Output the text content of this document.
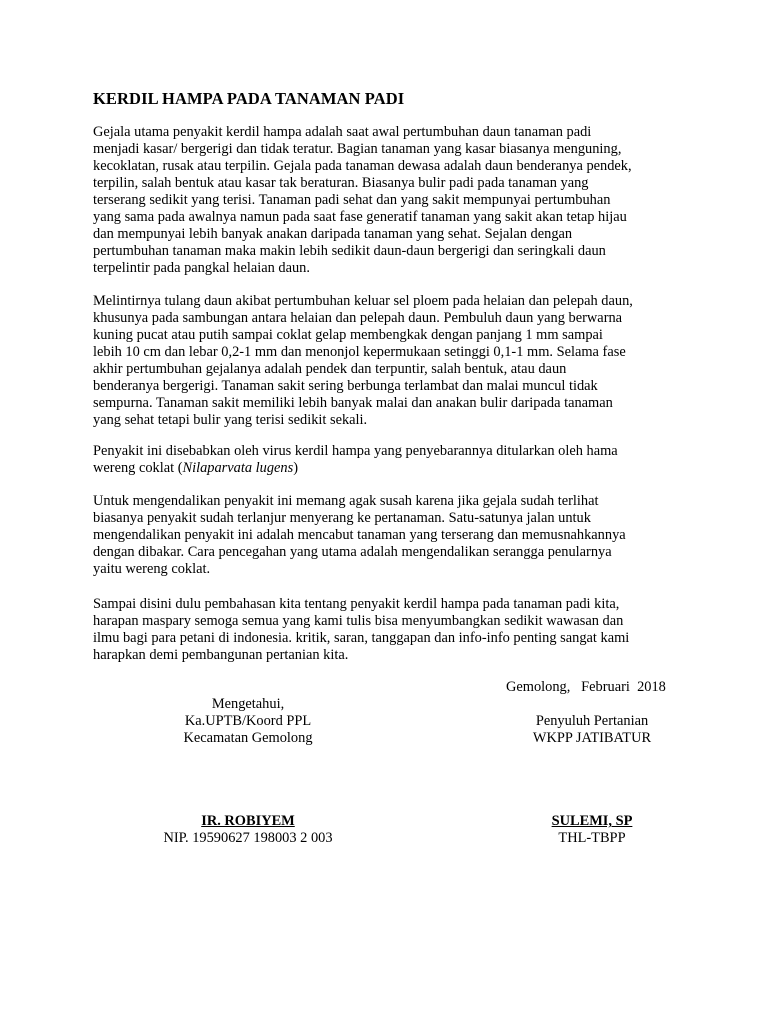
KERDIL HAMPA PADA TANAMAN PADI
Gejala utama penyakit kerdil hampa adalah saat awal pertumbuhan daun tanaman padi
menjadi kasar/ bergerigi dan tidak teratur. Bagian tanaman yang kasar biasanya menguning,
kecoklatan, rusak atau terpilin. Gejala pada tanaman dewasa adalah daun benderanya pendek,
terpilin, salah bentuk atau kasar tak beraturan. Biasanya bulir padi pada tanaman yang
terserang sedikit yang terisi. Tanaman padi sehat dan yang sakit mempunyai pertumbuhan
yang sama pada awalnya namun pada saat fase generatif tanaman yang sakit akan tetap hijau
dan mempunyai lebih banyak anakan daripada tanaman yang sehat. Sejalan dengan
pertumbuhan tanaman maka makin lebih sedikit daun-daun bergerigi dan seringkali daun
terpelintir pada pangkal helaian daun.
Melintirnya tulang daun akibat pertumbuhan keluar sel ploem pada helaian dan pelepah daun,
khusunya pada sambungan antara helaian dan pelepah daun. Pembuluh daun yang berwarna
kuning pucat atau putih sampai coklat gelap membengkak dengan panjang 1 mm sampai
lebih 10 cm dan lebar 0,2-1 mm dan menonjol kepermukaan setinggi 0,1-1 mm. Selama fase
akhir pertumbuhan gejalanya adalah pendek dan terpuntir, salah bentuk, atau daun
benderanya bergerigi. Tanaman sakit sering berbunga terlambat dan malai muncul tidak
sempurna. Tanaman sakit memiliki lebih banyak malai dan anakan bulir daripada tanaman
yang sehat tetapi bulir yang terisi sedikit sekali.
Penyakit ini disebabkan oleh virus kerdil hampa yang penyebarannya ditularkan oleh hama
wereng coklat (Nilaparvata lugens)
Untuk mengendalikan penyakit ini memang agak susah karena jika gejala sudah terlihat
biasanya penyakit sudah terlanjur menyerang ke pertanaman. Satu-satunya jalan untuk
mengendalikan penyakit ini adalah mencabut tanaman yang terserang dan memusnahkannya
dengan dibakar. Cara pencegahan yang utama adalah mengendalikan serangga penularnya
yaitu wereng coklat.
Sampai disini dulu pembahasan kita tentang penyakit kerdil hampa pada tanaman padi kita,
harapan maspary semoga semua yang kami tulis bisa menyumbangkan sedikit wawasan dan
ilmu bagi para petani di indonesia. kritik, saran, tanggapan dan info-info penting sangat kami
harapkan demi pembangunan pertanian kita.
Gemolong,   Februari  2018
Mengetahui,
Ka.UPTB/Koord PPL
Kecamatan Gemolong
Penyuluh Pertanian
WKPP JATIBATUR
IR. ROBIYEM
NIP. 19590627 198003 2 003
SULEMI, SP
THL-TBPP
